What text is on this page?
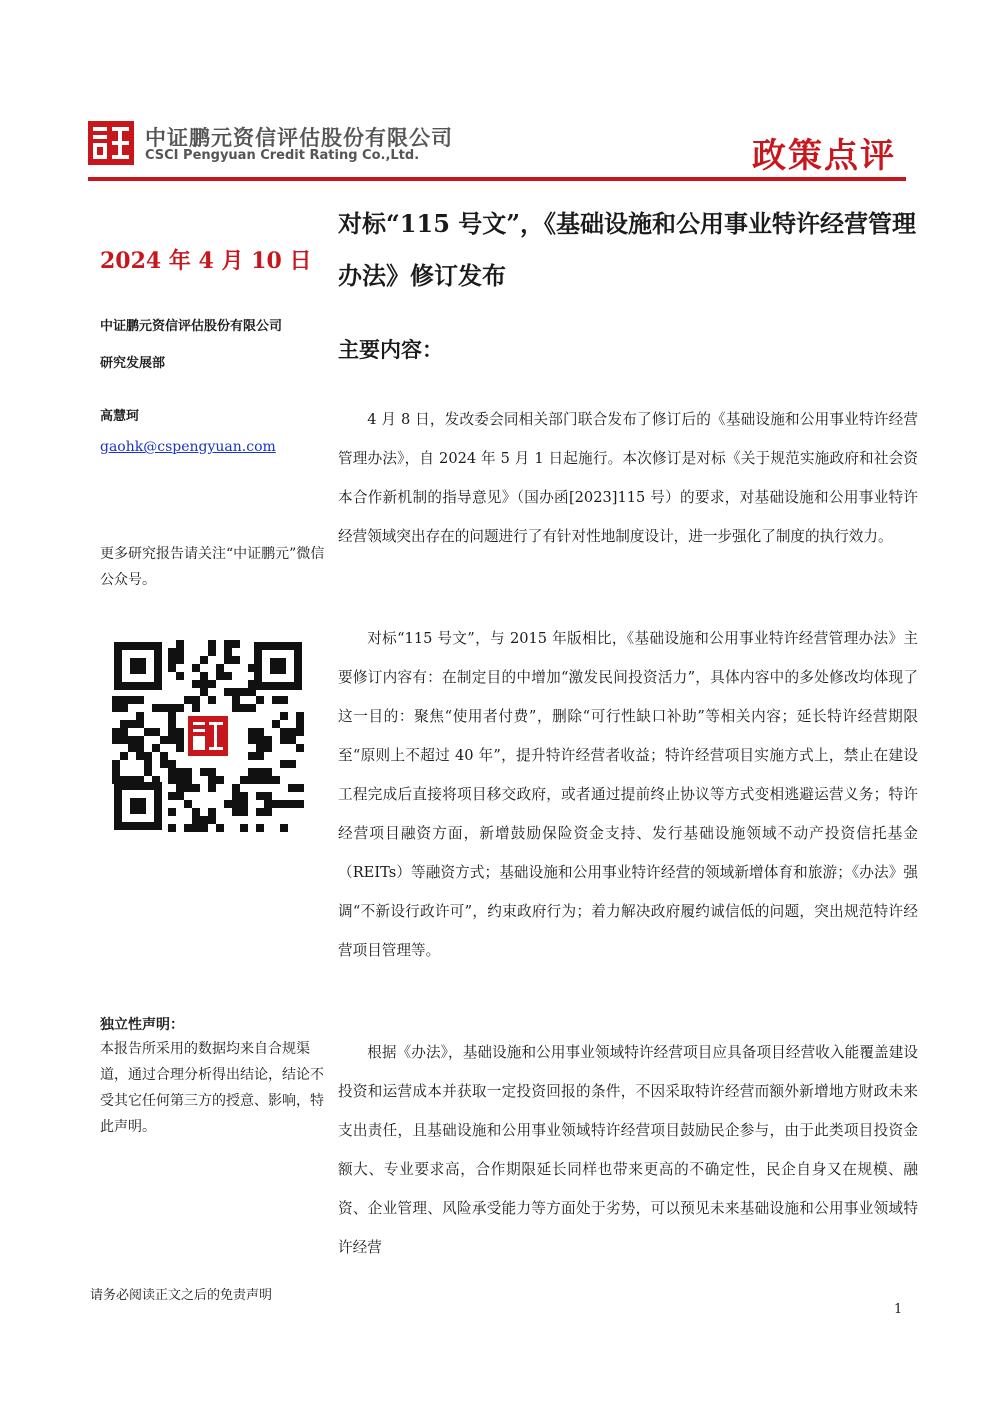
中证鹏元资信评估股份有限公司
CSCI Pengyuan Credit Rating Co.,Ltd.	政策点评
2024 年 4 月 10 日
中证鹏元资信评估股份有限公司
研究发展部
高慧珂
gaohk@cspengyuan.com
更多研究报告请关注“中证鹏元”微信公众号。
独立性声明：
本报告所采用的数据均来自合规渠道，通过合理分析得出结论，结论不受其它任何第三方的授意、影响，特此声明。
对标“115 号文”，《基础设施和公用事业特许经营管理办法》修订发布
主要内容：

4 月 8 日，发改委会同相关部门联合发布了修订后的《基础设施和公用事业特许经营管理办法》，自 2024 年 5 月 1 日起施行。本次修订是对标《关于规范实施政府和社会资本合作新机制的指导意见》（国办函[2023]115 号）的要求，对基础设施和公用事业特许经营领域突出存在的问题进行了有针对性地制度设计，进一步强化了制度的执行效力。

对标“115 号文”，与 2015 年版相比，《基础设施和公用事业特许经营管理办法》主要修订内容有：在制定目的中增加“激发民间投资活力”，具体内容中的多处修改均体现了这一目的：聚焦“使用者付费”，删除“可行性缺口补助”等相关内容；延长特许经营期限至“原则上不超过 40 年”，提升特许经营者收益；特许经营项目实施方式上，禁止在建设工程完成后直接将项目移交政府，或者通过提前终止协议等方式变相逃避运营义务；特许经营项目融资方面，新增鼓励保险资金支持、发行基础设施领域不动产投资信托基金（REITs）等融资方式；基础设施和公用事业特许经营的领域新增体育和旅游；《办法》强调“不新设行政许可”，约束政府行为；着力解决政府履约诚信低的问题，突出规范特许经营项目管理等。

根据《办法》，基础设施和公用事业领域特许经营项目应具备项目经营收入能覆盖建设投资和运营成本并获取一定投资回报的条件，不因采取特许经营而额外新增地方财政未来支出责任，且基础设施和公用事业领域特许经营项目鼓励民企参与，由于此类项目投资金额大、专业要求高，合作期限延长同样也带来更高的不确定性，民企自身又在规模、融资、企业管理、风险承受能力等方面处于劣势，可以预见未来基础设施和公用事业领域特许经营

请务必阅读正文之后的免责声明
1
